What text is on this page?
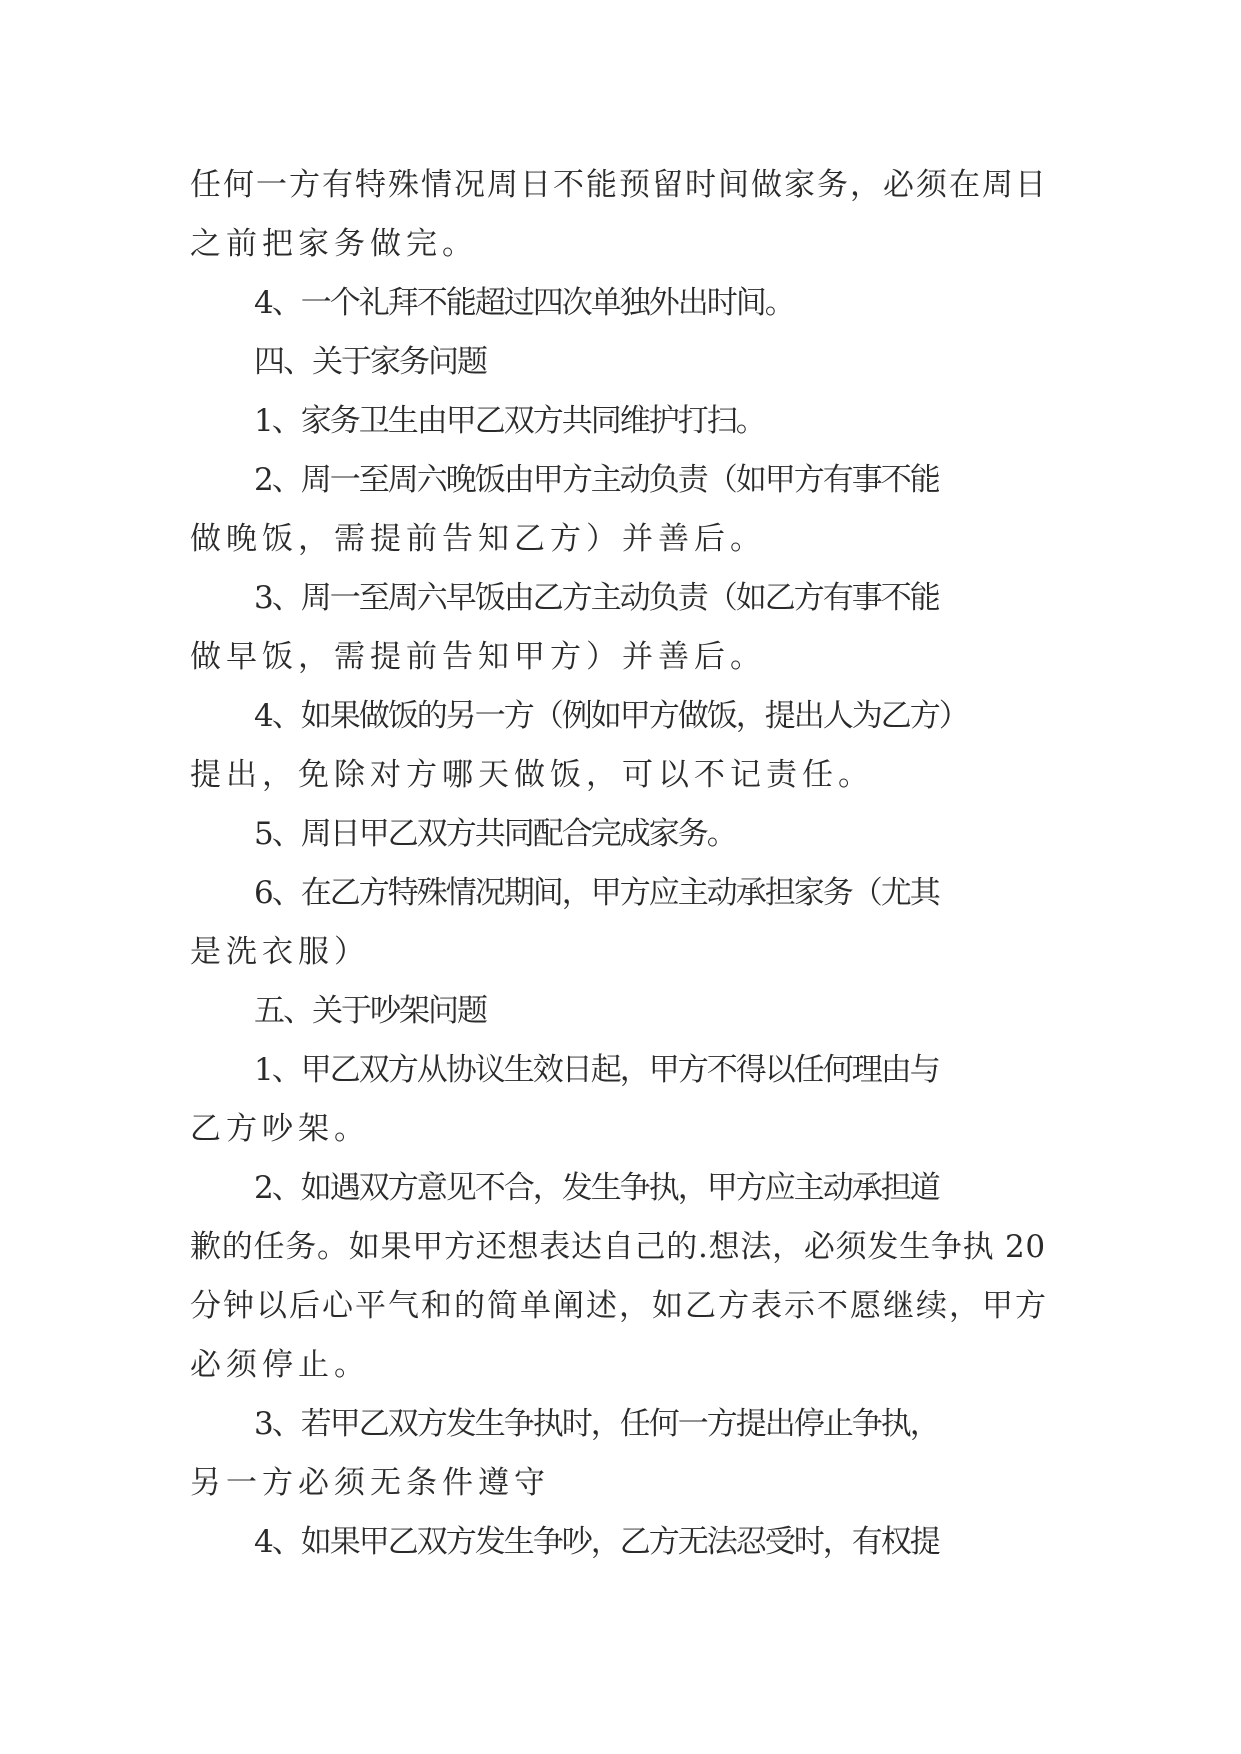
任何一方有特殊情况周日不能预留时间做家务，必须在周日
之前把家务做完。
4、一个礼拜不能超过四次单独外出时间。
四、关于家务问题
1、家务卫生由甲乙双方共同维护打扫。
2、周一至周六晚饭由甲方主动负责（如甲方有事不能
做晚饭，需提前告知乙方）并善后。
3、周一至周六早饭由乙方主动负责（如乙方有事不能
做早饭，需提前告知甲方）并善后。
4、如果做饭的另一方（例如甲方做饭，提出人为乙方）
提出，免除对方哪天做饭，可以不记责任。
5、周日甲乙双方共同配合完成家务。
6、在乙方特殊情况期间，甲方应主动承担家务（尤其
是洗衣服）
五、关于吵架问题
1、甲乙双方从协议生效日起，甲方不得以任何理由与
乙方吵架。
2、如遇双方意见不合，发生争执，甲方应主动承担道
歉的任务。如果甲方还想表达自己的.想法，必须发生争执 20
分钟以后心平气和的简单阐述，如乙方表示不愿继续，甲方
必须停止。
3、若甲乙双方发生争执时，任何一方提出停止争执，
另一方必须无条件遵守
4、如果甲乙双方发生争吵，乙方无法忍受时，有权提
